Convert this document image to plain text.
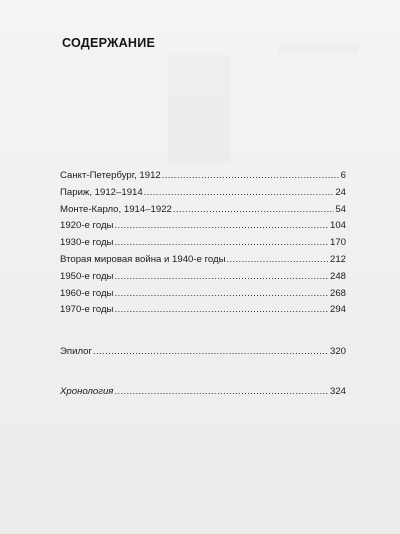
СОДЕРЖАНИЕ
Санкт-Петербург, 1912 .....	6
Париж, 1912–1914 .....	24
Монте-Карло, 1914–1922 .....	54
1920-е годы .....	104
1930-е годы .....	170
Вторая мировая война и 1940-е годы .....	212
1950-е годы .....	248
1960-е годы .....	268
1970-е годы .....	294
Эпилог .....	320
Хронология .....	324
